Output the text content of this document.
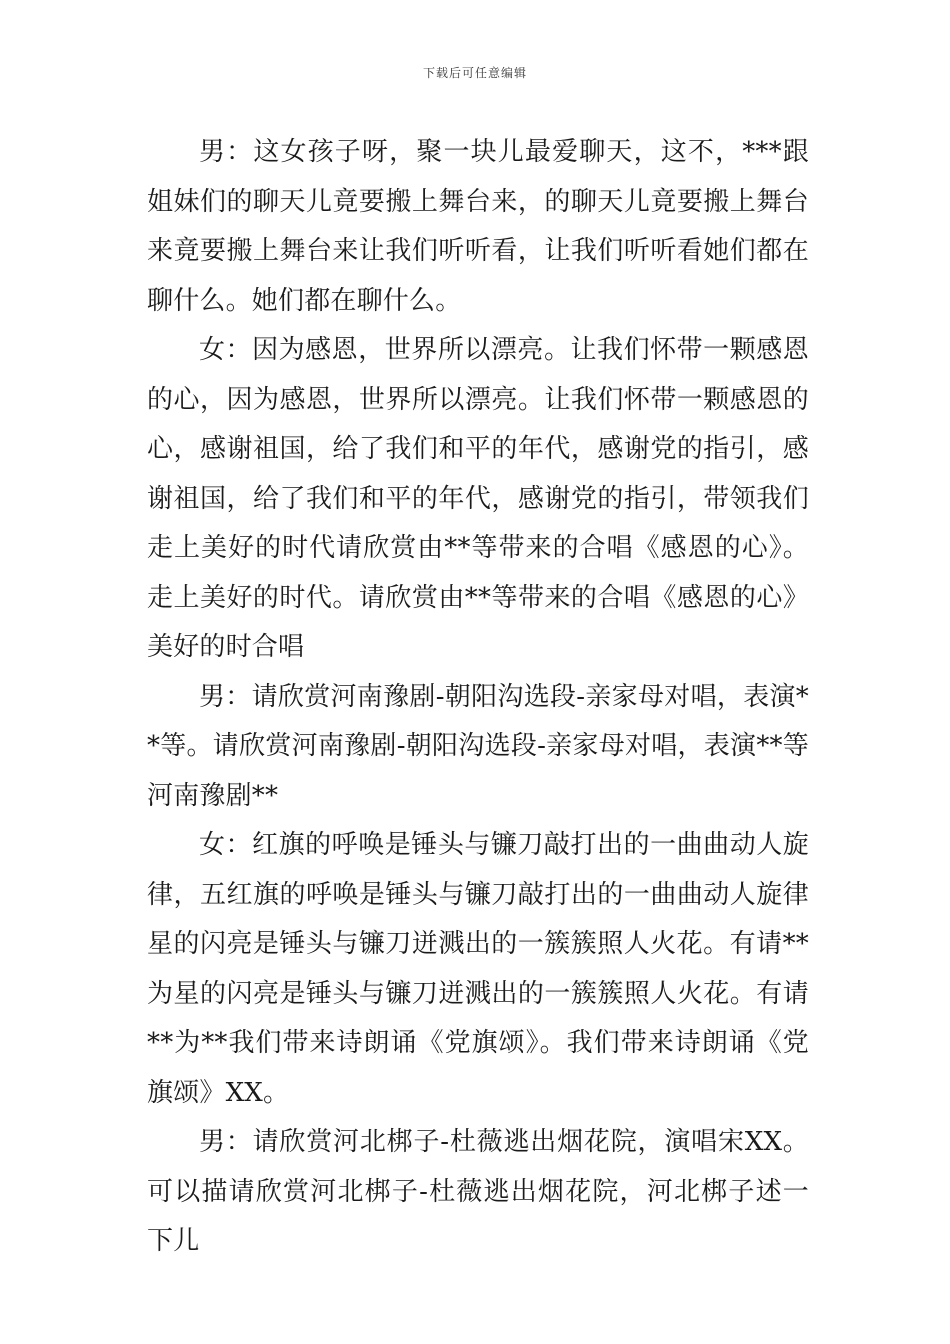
下载后可任意编辑

男：这女孩子呀，聚一块儿最爱聊天，这不，***跟姐妹们的聊天儿竟要搬上舞台来，的聊天儿竟要搬上舞台来竟要搬上舞台来让我们听听看，让我们听听看她们都在聊什么。她们都在聊什么。

女：因为感恩，世界所以漂亮。让我们怀带一颗感恩的心，因为感恩，世界所以漂亮。让我们怀带一颗感恩的心，感谢祖国，给了我们和平的年代，感谢党的指引，感谢祖国，给了我们和平的年代，感谢党的指引，带领我们走上美好的时代请欣赏由**等带来的合唱《感恩的心》。走上美好的时代。请欣赏由**等带来的合唱《感恩的心》美好的时合唱

男：请欣赏河南豫剧-朝阳沟选段-亲家母对唱，表演**等。请欣赏河南豫剧-朝阳沟选段-亲家母对唱，表演**等河南豫剧**

女：红旗的呼唤是锤头与镰刀敲打出的一曲曲动人旋律，五红旗的呼唤是锤头与镰刀敲打出的一曲曲动人旋律星的闪亮是锤头与镰刀迸溅出的一簇簇照人火花。有请**为星的闪亮是锤头与镰刀迸溅出的一簇簇照人火花。有请**为**我们带来诗朗诵《党旗颂》。我们带来诗朗诵《党旗颂》XX。

男：请欣赏河北梆子-杜薇逃出烟花院，演唱宋XX。可以描请欣赏河北梆子-杜薇逃出烟花院，河北梆子述一下儿
